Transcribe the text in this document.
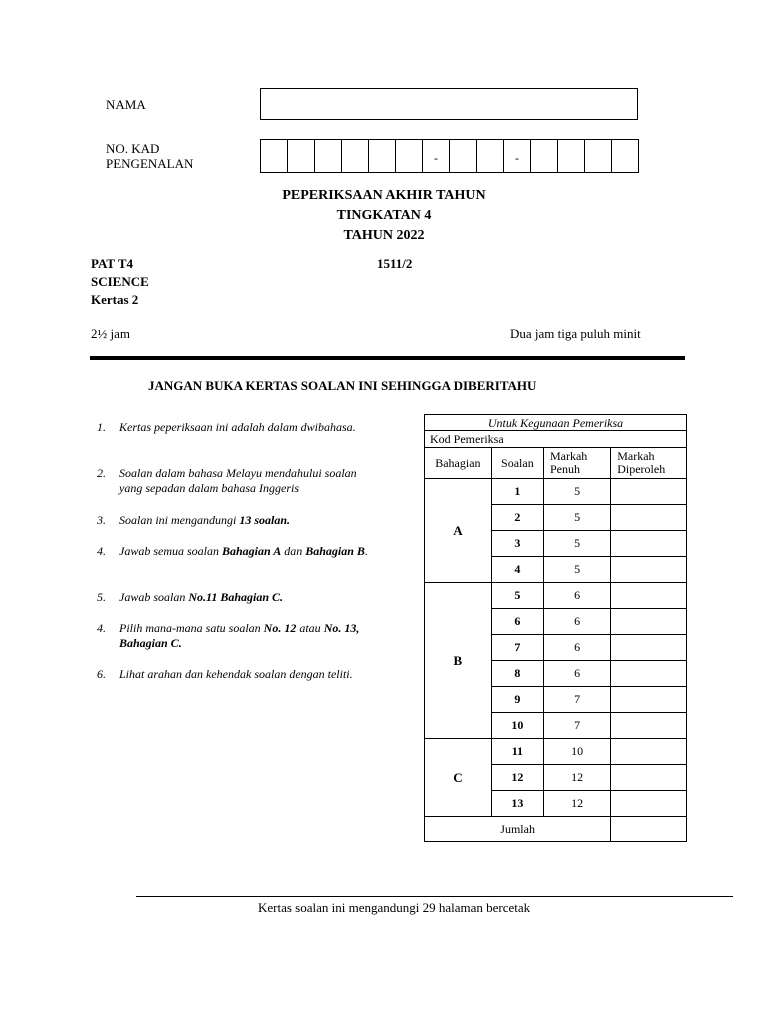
NAMA
NO. KAD
PENGENALAN	-	-
PEPERIKSAAN AKHIR TAHUN
TINGKATAN 4
TAHUN 2022
PAT T4	1511/2
SCIENCE
Kertas 2
2½ jam	Dua jam tiga puluh minit
JANGAN BUKA KERTAS SOALAN INI SEHINGGA DIBERITAHU
1. Kertas peperiksaan ini adalah dalam dwibahasa.
2. Soalan dalam bahasa Melayu mendahului soalan yang sepadan dalam bahasa Inggeris
3. Soalan ini mengandungi 13 soalan.
4. Jawab semua soalan Bahagian A dan Bahagian B.
5. Jawab soalan No.11 Bahagian C.
4. Pilih mana-mana satu soalan No. 12 atau No. 13, Bahagian C.
6. Lihat arahan dan kehendak soalan dengan teliti.
Untuk Kegunaan Pemeriksa			
Kod Pemeriksa			
Bahagian	Soalan	Markah Penuh	Markah Diperoleh
A	1	5	
	2	5	
	3	5	
	4	5	
B	5	6	
	6	6	
	7	6	
	8	6	
	9	7	
	10	7	
C	11	10	
	12	12	
	13	12	
Jumlah			
Kertas soalan ini mengandungi 29 halaman bercetak
